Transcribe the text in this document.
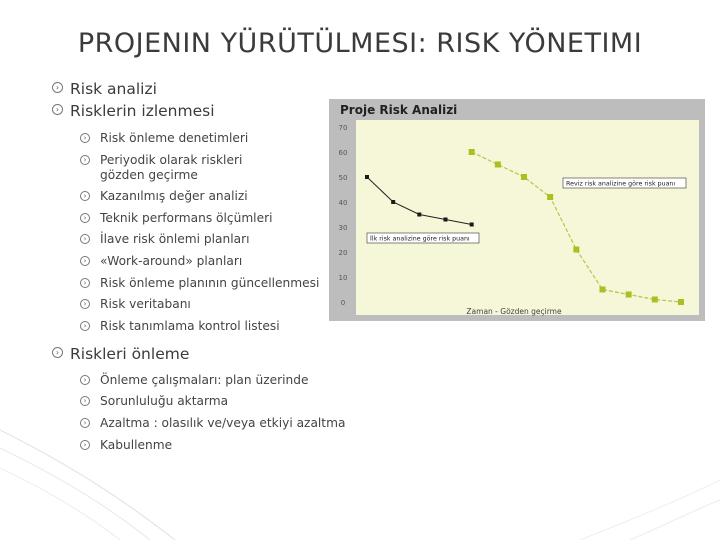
PROJENIN YÜRÜTÜLMESI: RISK YÖNETIMI
› Risk analizi
› Risklerin izlenmesi
› Risk önleme denetimleri
› Periyodik olarak riskleri gözden geçirme
› Kazanılmış değer analizi
› Teknik performans ölçümleri
› İlave risk önlemi planları
› «Work-around» planları
› Risk önleme planının güncellenmesi
› Risk veritabanı
› Risk tanımlama kontrol listesi
› Riskleri önleme
› Önleme çalışmaları: plan üzerinde
› Sorunluluğu aktarma
› Azaltma : olasılık ve/veya etkiyi azaltma
› Kabullenme
Proje Risk Analizi
0
10
20
30
40
50
60
70
Zaman - Gözden geçirme
Reviz risk analizine göre risk puanı
İlk risk analizine göre risk puanı
